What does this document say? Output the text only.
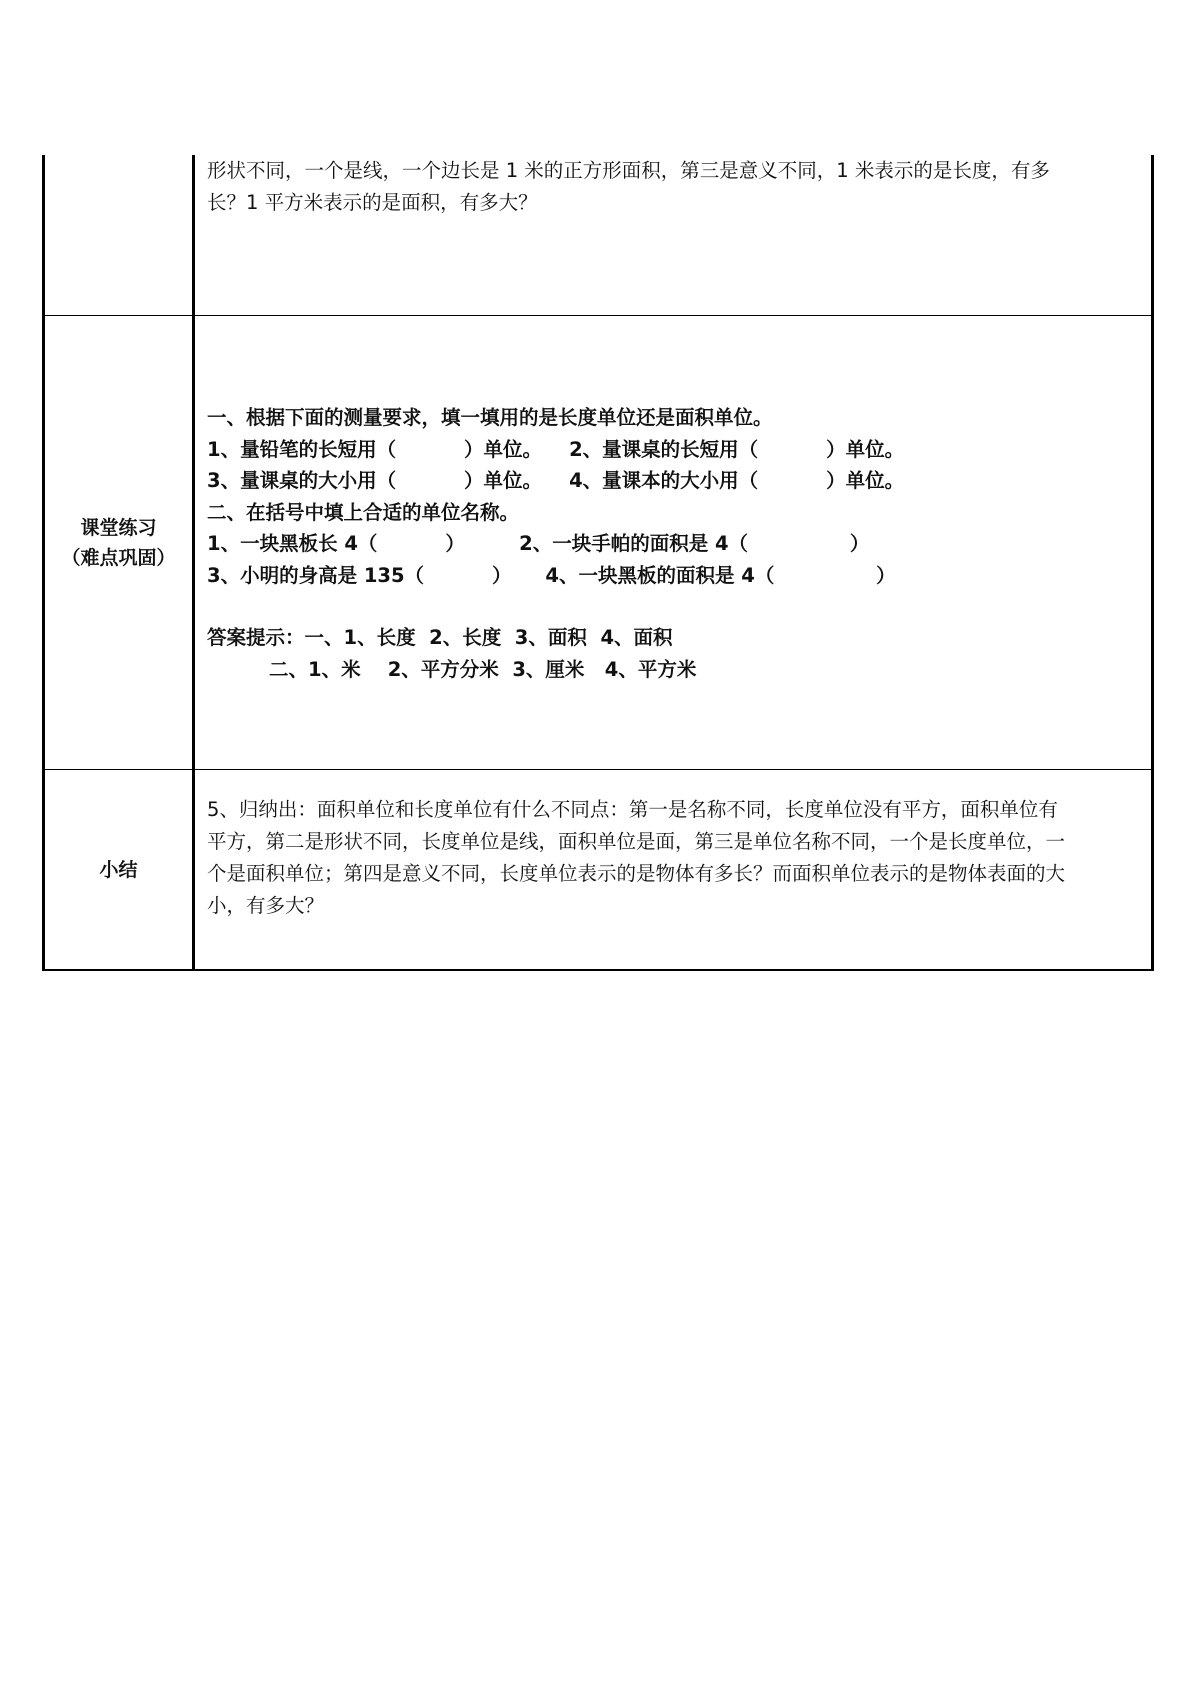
形状不同，一个是线，一个边长是 1 米的正方形面积，第三是意义不同，1 米表示的是长度，有多
长？1 平方米表示的是面积，有多大？
课堂练习
（难点巩固）
一、根据下面的测量要求，填一填用的是长度单位还是面积单位。
1、量铅笔的长短用（          ）单位。    2、量课桌的长短用（          ）单位。
3、量课桌的大小用（          ）单位。    4、量课本的大小用（          ）单位。
二、在括号中填上合适的单位名称。
1、一块黑板长 4（          ）        2、一块手帕的面积是 4（               ）
3、小明的身高是 135（          ）     4、一块黑板的面积是 4（               ）
答案提示：一、1、长度  2、长度  3、面积  4、面积
二、1、米    2、平方分米  3、厘米   4、平方米
小结
5、归纳出：面积单位和长度单位有什么不同点：第一是名称不同，长度单位没有平方，面积单位有
平方，第二是形状不同，长度单位是线，面积单位是面，第三是单位名称不同，一个是长度单位，一
个是面积单位；第四是意义不同，长度单位表示的是物体有多长？而面积单位表示的是物体表面的大
小，有多大？
